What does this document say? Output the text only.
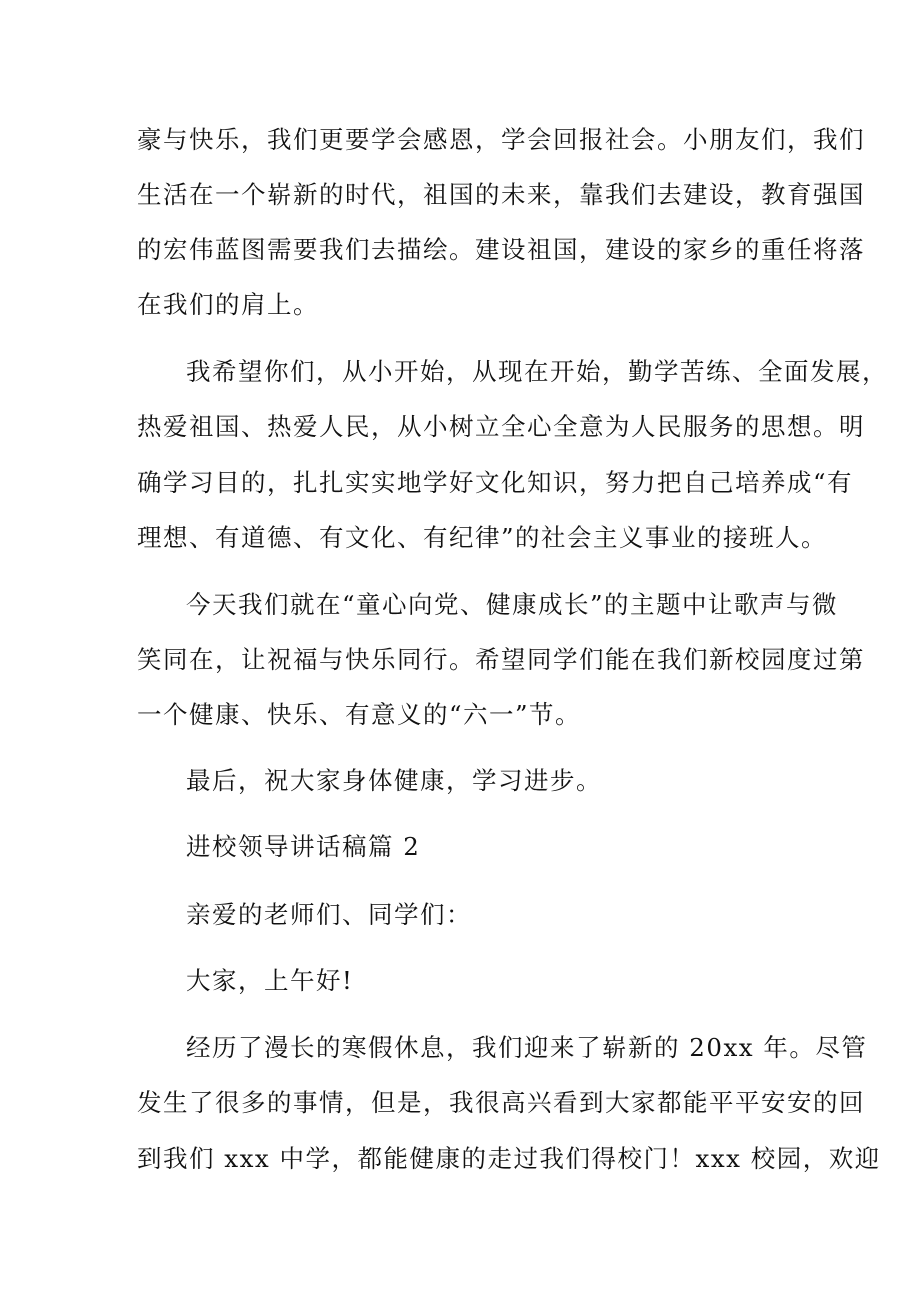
豪与快乐，我们更要学会感恩，学会回报社会。小朋友们，我们
生活在一个崭新的时代，祖国的未来，靠我们去建设，教育强国
的宏伟蓝图需要我们去描绘。建设祖国，建设的家乡的重任将落
在我们的肩上。
我希望你们，从小开始，从现在开始，勤学苦练、全面发展，
热爱祖国、热爱人民，从小树立全心全意为人民服务的思想。明
确学习目的，扎扎实实地学好文化知识，努力把自己培养成“有
理想、有道德、有文化、有纪律”的社会主义事业的接班人。
今天我们就在“童心向党、健康成长”的主题中让歌声与微
笑同在，让祝福与快乐同行。希望同学们能在我们新校园度过第
一个健康、快乐、有意义的“六一”节。
最后，祝大家身体健康，学习进步。
进校领导讲话稿篇 2
亲爱的老师们、同学们：
大家，上午好!
经历了漫长的寒假休息，我们迎来了崭新的 20xx 年。尽管
发生了很多的事情，但是，我很高兴看到大家都能平平安安的回
到我们 xxx 中学，都能健康的走过我们得校门！xxx 校园，欢迎
